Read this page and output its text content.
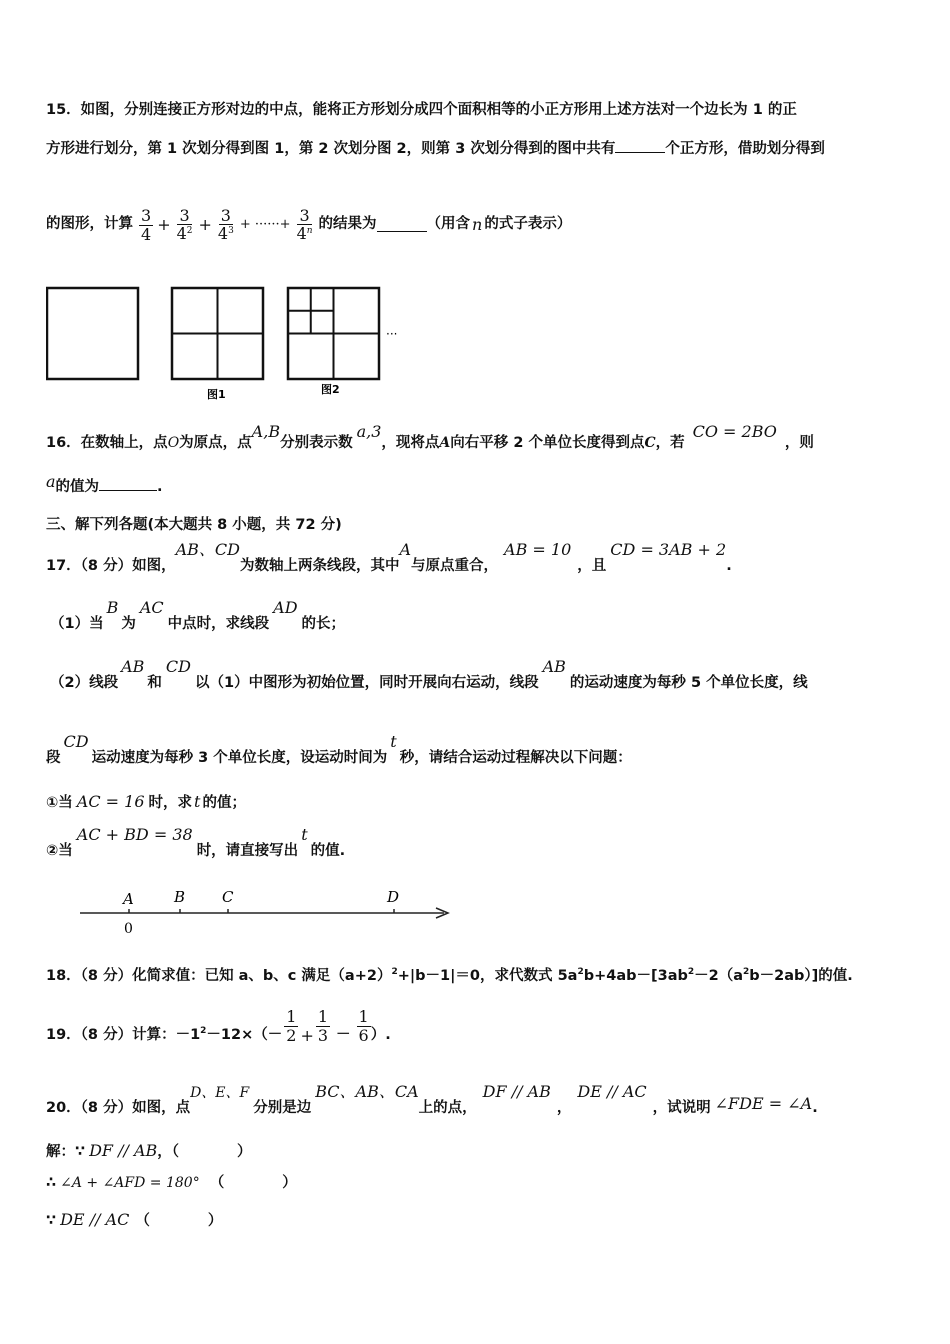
15．如图，分别连接正方形对边的中点，能将正方形划分成四个面积相等的小正方形用上述方法对一个边长为 1 的正
方形进行划分，第 1 次划分得到图 1，第 2 次划分图 2，则第 3 次划分得到的图中共有	个正方形，借助划分得到
的图形，计算 $\frac{3}{4} + \frac{3}{4^2} + \frac{3}{4^3}$ + ······+ $\frac{3}{4^n}$ 的结果为	（用含 n 的式子表示）
图1	图2
···
16．在数轴上，点O为原点，点A,B分别表示数a,3，现将点A向右平移 2 个单位长度得到点C，若CO = 2BO，则
a的值为	.
三、解下列各题(本大题共 8 小题，共 72 分)
17．（8 分）如图，AB、CD为数轴上两条线段，其中A与原点重合，AB = 10，且CD = 3AB + 2.
（1）当B为AC中点时，求线段AD的长；
（2）线段AB和CD以（1）中图形为初始位置，同时开展向右运动，线段AB的运动速度为每秒 5 个单位长度，线
段CD运动速度为每秒 3 个单位长度，设运动时间为t秒，请结合运动过程解决以下问题：
①当 AC = 16 时，求 t 的值；
②当AC + BD = 38时，请直接写出t的值.
A	B C	D
0
18．（8 分）化简求值：已知 a、b、c 满足$(a+2)^2+|b-1|=0$，求代数式 $5a^2b+4ab-[3ab^2-2(a^2b-2ab)]$的值.
19．（8 分）计算：$-1^2-12\times(- \frac{1}{2} + \frac{1}{3} - \frac{1}{6}$ ）.
20．（8 分）如图，点D、E、F分别是边BC、AB、CA上的点，DF // AB，DE // AC，试说明 ∠FDE = ∠A.
解：∵ DF // AB，（　　　　）
∴ ∠A + ∠AFD = 180° （　　　　）
∵ DE // AC （　　　　）
